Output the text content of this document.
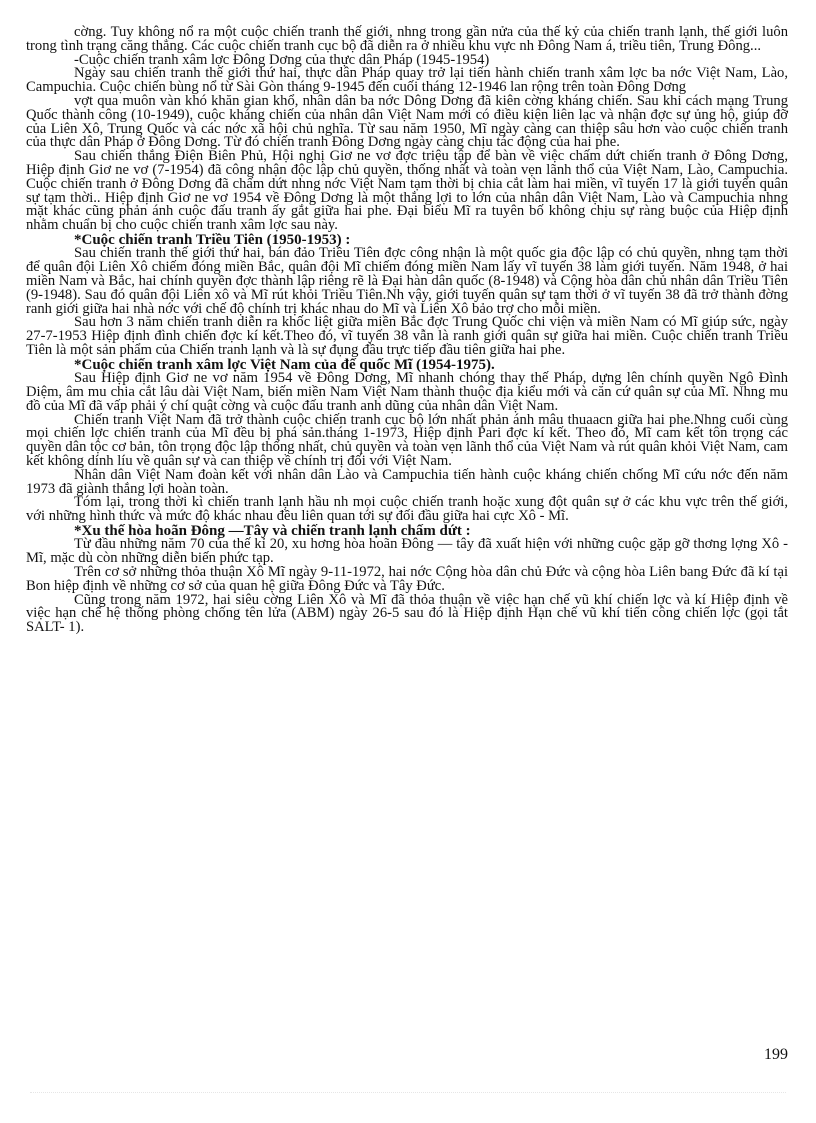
cờng. Tuy không nổ ra một cuộc chiến tranh thế giới, nhng trong gần nửa của thế kỷ của chiến tranh lạnh, thế giới luôn trong tình trạng căng thẳng. Các cuộc chiến tranh cục bộ đã diễn ra ở nhiều khu vực nh Đông Nam á, triều tiên, Trung Đông...

-Cuộc chiến tranh xâm lợc Đông Dơng của thực dân Pháp (1945-1954)

Ngày sau chiến tranh thế giới thứ hai, thực dân Pháp quay trở lại tiến hành chiến tranh xâm lợc ba nớc Việt Nam, Lào, Campuchia. Cuộc chiến bùng nổ từ Sài Gòn tháng 9-1945 đến cuối tháng 12-1946 lan rộng trên toàn Đông Dơng

vợt qua muôn vàn khó khăn gian khổ, nhân dân ba nớc Dông Dơng đã kiên cờng kháng chiến. Sau khi cách mạng Trung Quốc thành công (10-1949), cuộc kháng chiến của nhân dân Việt Nam mới có điều kiện liên lạc và nhận đợc sự ủng hộ, giúp đỡ của Liên Xô, Trung Quốc và các nớc xã hội chủ nghĩa. Từ sau năm 1950, Mĩ ngày càng can thiệp sâu hơn vào cuộc chiến tranh của thực dân Pháp ở Đông Dơng. Từ đó chiến tranh Đông Dơng ngày càng chịu tác động của hai phe.

Sau chiến thắng Điện Biên Phủ, Hội nghị Giơ ne vơ đợc triệu tập để bàn về việc chấm dứt chiến tranh ở Đông Dơng, Hiệp định Giơ ne vơ (7-1954) đã công nhận độc lập chủ quyền, thống nhất và toàn vẹn lãnh thổ của Việt Nam, Lào, Campuchia. Cuộc chiến tranh ở Đông Dơng đã chấm dứt nhng nớc Việt Nam tạm thời bị chia cắt làm hai miền, vĩ tuyến 17 là giới tuyến quân sự tạm thời.. Hiệp định Giơ ne vơ 1954 về Đông Dơng là một thắng lợi to lớn của nhân dân Việt Nam, Lào và Campuchia nhng mặt khác cũng phản ánh cuộc đấu tranh ấy gắt giữa hai phe. Đại biểu Mĩ ra tuyên bố không chịu sự ràng buộc của Hiệp định nhằm chuẩn bị cho cuộc chiến tranh xâm lợc sau này.

*Cuộc chiến tranh Triều Tiên (1950-1953) :

Sau chiến tranh thế giới thứ hai, bán đảo Triều Tiên đợc công nhận là một quốc gia độc lập có chủ quyền, nhng tạm thời để quân đội Liên Xô chiếm đóng miền Bắc, quân đội Mĩ chiếm đóng miền Nam lấy vĩ tuyến 38 làm giới tuyến. Năm 1948, ở hai miền Nam và Bắc, hai chính quyền đợc thành lập riêng rẽ là Đại hàn dân quốc (8-1948) và Cộng hòa dân chủ nhân dân Triều Tiên (9-1948). Sau đó quân đội Liên xô và Mĩ rút khỏi Triều Tiên.Nh vậy, giới tuyến quân sự tạm thời ở vĩ tuyến 38 đã trở thành đờng ranh giới giữa hai nhà nớc với chế độ chính trị khác nhau do Mĩ và Liên Xô bảo trợ cho mỗi miền.

Sau hơn 3 năm chiến tranh diễn ra khốc liệt giữa miền Bắc đợc Trung Quốc chi viện và miền Nam có Mĩ giúp sức, ngày 27-7-1953 Hiệp định đình chiến đợc kí kết.Theo đó, vĩ tuyến 38 vẫn là ranh giới quân sự giữa hai miền. Cuộc chiến tranh Triều Tiên là một sản phẩm của Chiến tranh lạnh và là sự đụng đầu trực tiếp đầu tiên giữa hai phe.

*Cuộc chiến tranh xâm lợc Việt Nam của đế quốc Mĩ (1954-1975).

Sau Hiệp định Giơ ne vơ năm 1954 về Đông Dơng, Mĩ nhanh chóng thay thế Pháp, dựng lên chính quyền Ngô Đình Diệm, âm mu chia cắt lâu dài Việt Nam, biến miền Nam Việt Nam thành thuộc địa kiểu mới và căn cứ quân sự của Mĩ. Nhng mu đồ của Mĩ đã vấp phải ý chí quật cờng và cuộc đấu tranh anh dũng của nhân dân Việt Nam.

Chiến tranh Việt Nam đã trở thành cuộc chiến tranh cục bộ lớn nhất phản ánh mâu thuaacn giữa hai phe.Nhng cuối cùng mọi chiến lợc chiến tranh của Mĩ đều bị phá sản.tháng 1-1973, Hiệp định Pari đợc kí kết. Theo đó, Mĩ cam kết tôn trọng các quyền dân tộc cơ bản, tôn trọng độc lập thống nhất, chủ quyền và toàn vẹn lãnh thổ của Việt Nam và rút quân khỏi Việt Nam, cam kết không dính líu về quân sự và can thiệp về chính trị đối với Việt Nam.

Nhân dân Việt Nam đoàn kết với nhân dân Lào và Campuchia tiến hành cuộc kháng chiến chống Mĩ cứu nớc đến năm 1973 đã giành thắng lợi hoàn toàn.

Tóm lại, trong thời kì chiến tranh lạnh hầu nh mọi cuộc chiến tranh hoặc xung đột quân sự ở các khu vực trên thế giới, với những hình thức và mức độ khác nhau đều liên quan tới sự đối đầu giữa hai cực Xô - Mĩ.

*Xu thế hòa hoãn Đông —Tây và chiến tranh lạnh chấm dứt :

Từ đầu những năm 70 của thế kỉ 20, xu hơng hòa hoãn Đông — tây đã xuất hiện với những cuộc gặp gỡ thơng lợng Xô - Mĩ, mặc dù còn những diễn biến phức tạp.

Trên cơ sở những thỏa thuận Xô Mĩ ngày 9-11-1972, hai nớc Cộng hòa dân chủ Đức và cộng hòa Liên bang Đức đã kí tại Bon hiệp định về những cơ sở của quan hệ giữa Đông Đức và Tây Đức.

Cũng trong năm 1972, hai siêu cờng Liên Xô và Mĩ đã thỏa thuận về việc hạn chế vũ khí chiến lợc và kí Hiệp định về việc hạn chế hệ thống phòng chống tên lửa (ABM) ngày 26-5 sau đó là Hiệp định Hạn chế vũ khí tiến công chiến lợc (gọi tắt SALT- 1).

199
